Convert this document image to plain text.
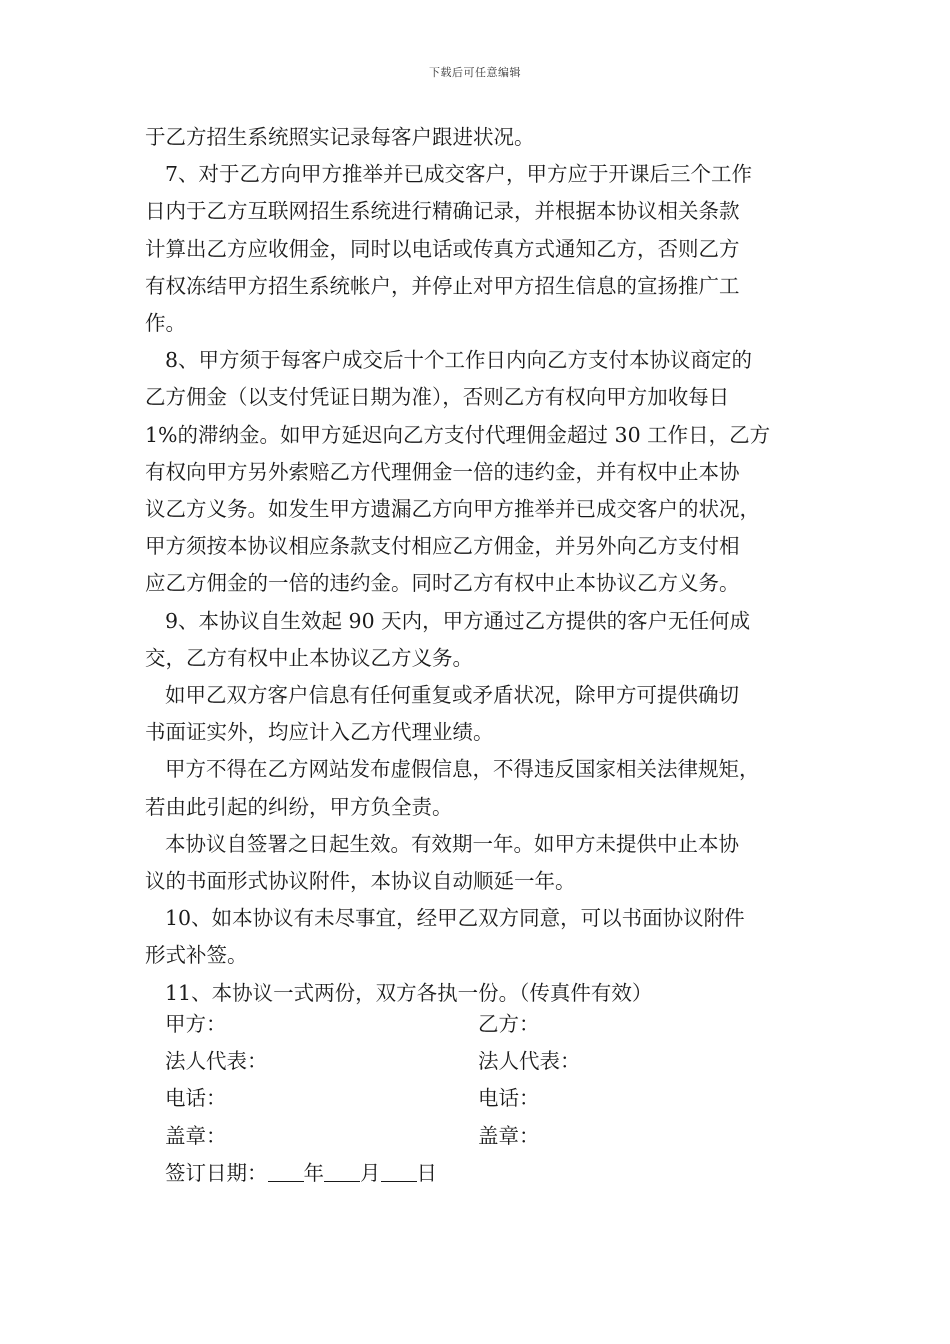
下载后可任意编辑
于乙方招生系统照实记录每客户跟进状况。
7、对于乙方向甲方推举并已成交客户，甲方应于开课后三个工作
日内于乙方互联网招生系统进行精确记录，并根据本协议相关条款
计算出乙方应收佣金，同时以电话或传真方式通知乙方，否则乙方
有权冻结甲方招生系统帐户，并停止对甲方招生信息的宣扬推广工
作。
8、甲方须于每客户成交后十个工作日内向乙方支付本协议商定的
乙方佣金（以支付凭证日期为准），否则乙方有权向甲方加收每日
1%的滞纳金。如甲方延迟向乙方支付代理佣金超过 30 工作日，乙方
有权向甲方另外索赔乙方代理佣金一倍的违约金，并有权中止本协
议乙方义务。如发生甲方遗漏乙方向甲方推举并已成交客户的状况，
甲方须按本协议相应条款支付相应乙方佣金，并另外向乙方支付相
应乙方佣金的一倍的违约金。同时乙方有权中止本协议乙方义务。
9、本协议自生效起 90 天内，甲方通过乙方提供的客户无任何成
交，乙方有权中止本协议乙方义务。
如甲乙双方客户信息有任何重复或矛盾状况，除甲方可提供确切
书面证实外，均应计入乙方代理业绩。
甲方不得在乙方网站发布虚假信息，不得违反国家相关法律规矩，
若由此引起的纠纷，甲方负全责。
本协议自签署之日起生效。有效期一年。如甲方未提供中止本协
议的书面形式协议附件，本协议自动顺延一年。
10、如本协议有未尽事宜，经甲乙双方同意，可以书面协议附件
形式补签。
11、本协议一式两份，双方各执一份。（传真件有效）
甲方：	乙方：
法人代表：	法人代表：
电话：	电话：
盖章：	盖章：
签订日期： 年 月 日
